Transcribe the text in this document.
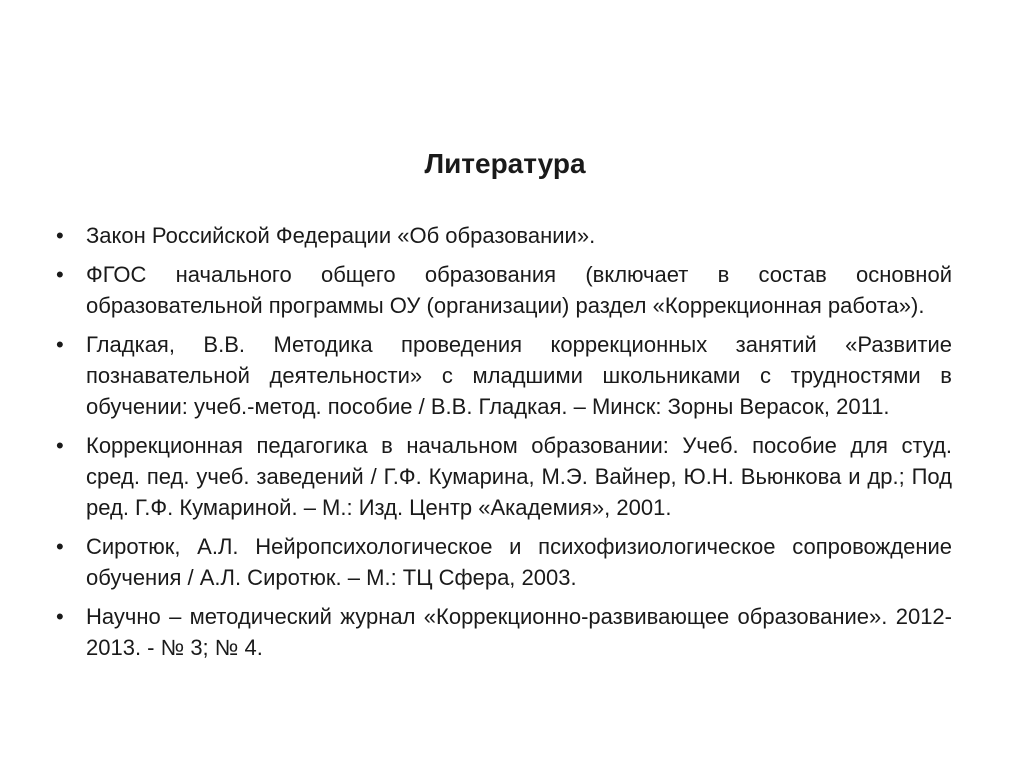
Литература
•	Закон Российской Федерации «Об образовании».
•	ФГОС начального общего образования (включает в состав основной образовательной программы ОУ (организации) раздел «Коррекционная работа»).
•	Гладкая, В.В. Методика проведения коррекционных занятий «Развитие познавательной деятельности» с младшими школьниками с трудностями в обучении: учеб.-метод. пособие / В.В. Гладкая. – Минск: Зорны Верасок, 2011.
•	Коррекционная педагогика в начальном образовании: Учеб. пособие для студ. сред. пед. учеб. заведений / Г.Ф. Кумарина, М.Э. Вайнер, Ю.Н. Вьюнкова и др.; Под ред. Г.Ф. Кумариной. – М.: Изд. Центр «Академия», 2001.
•	Сиротюк, А.Л. Нейропсихологическое и психофизиологическое сопровождение обучения / А.Л. Сиротюк. – М.: ТЦ Сфера, 2003.
•	Научно – методический журнал «Коррекционно-развивающее образование». 2012-2013. - № 3; № 4.
